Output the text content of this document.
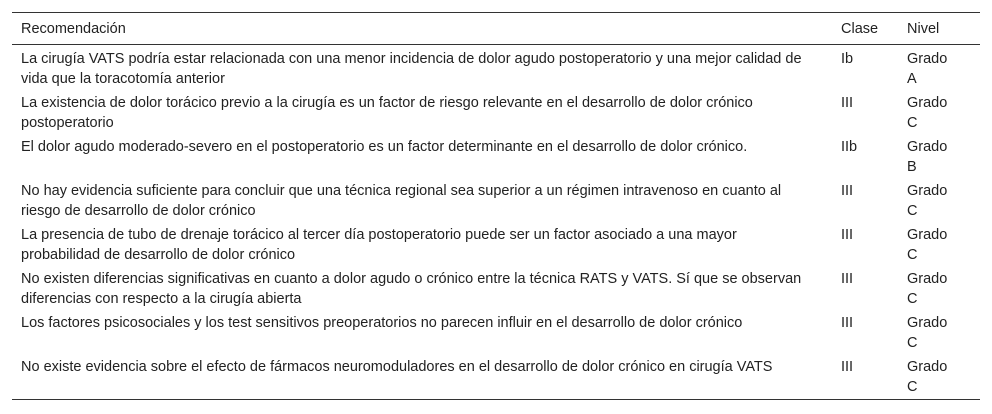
Recomendación	Clase	Nivel
La cirugía VATS podría estar relacionada con una menor incidencia de dolor agudo postoperatorio y una mejor calidad de vida que la toracotomía anterior	Ib	Grado
A
La existencia de dolor torácico previo a la cirugía es un factor de riesgo relevante en el desarrollo de dolor crónico postoperatorio	III	Grado
C
El dolor agudo moderado-severo en el postoperatorio es un factor determinante en el desarrollo de dolor crónico.	IIb	Grado
B
No hay evidencia suficiente para concluir que una técnica regional sea superior a un régimen intravenoso en cuanto al riesgo de desarrollo de dolor crónico	III	Grado
C
La presencia de tubo de drenaje torácico al tercer día postoperatorio puede ser un factor asociado a una mayor probabilidad de desarrollo de dolor crónico	III	Grado
C
No existen diferencias significativas en cuanto a dolor agudo o crónico entre la técnica RATS y VATS. Sí que se observan diferencias con respecto a la cirugía abierta	III	Grado
C
Los factores psicosociales y los test sensitivos preoperatorios no parecen influir en el desarrollo de dolor crónico	III	Grado
C
No existe evidencia sobre el efecto de fármacos neuromoduladores en el desarrollo de dolor crónico en cirugía VATS	III	Grado
C
